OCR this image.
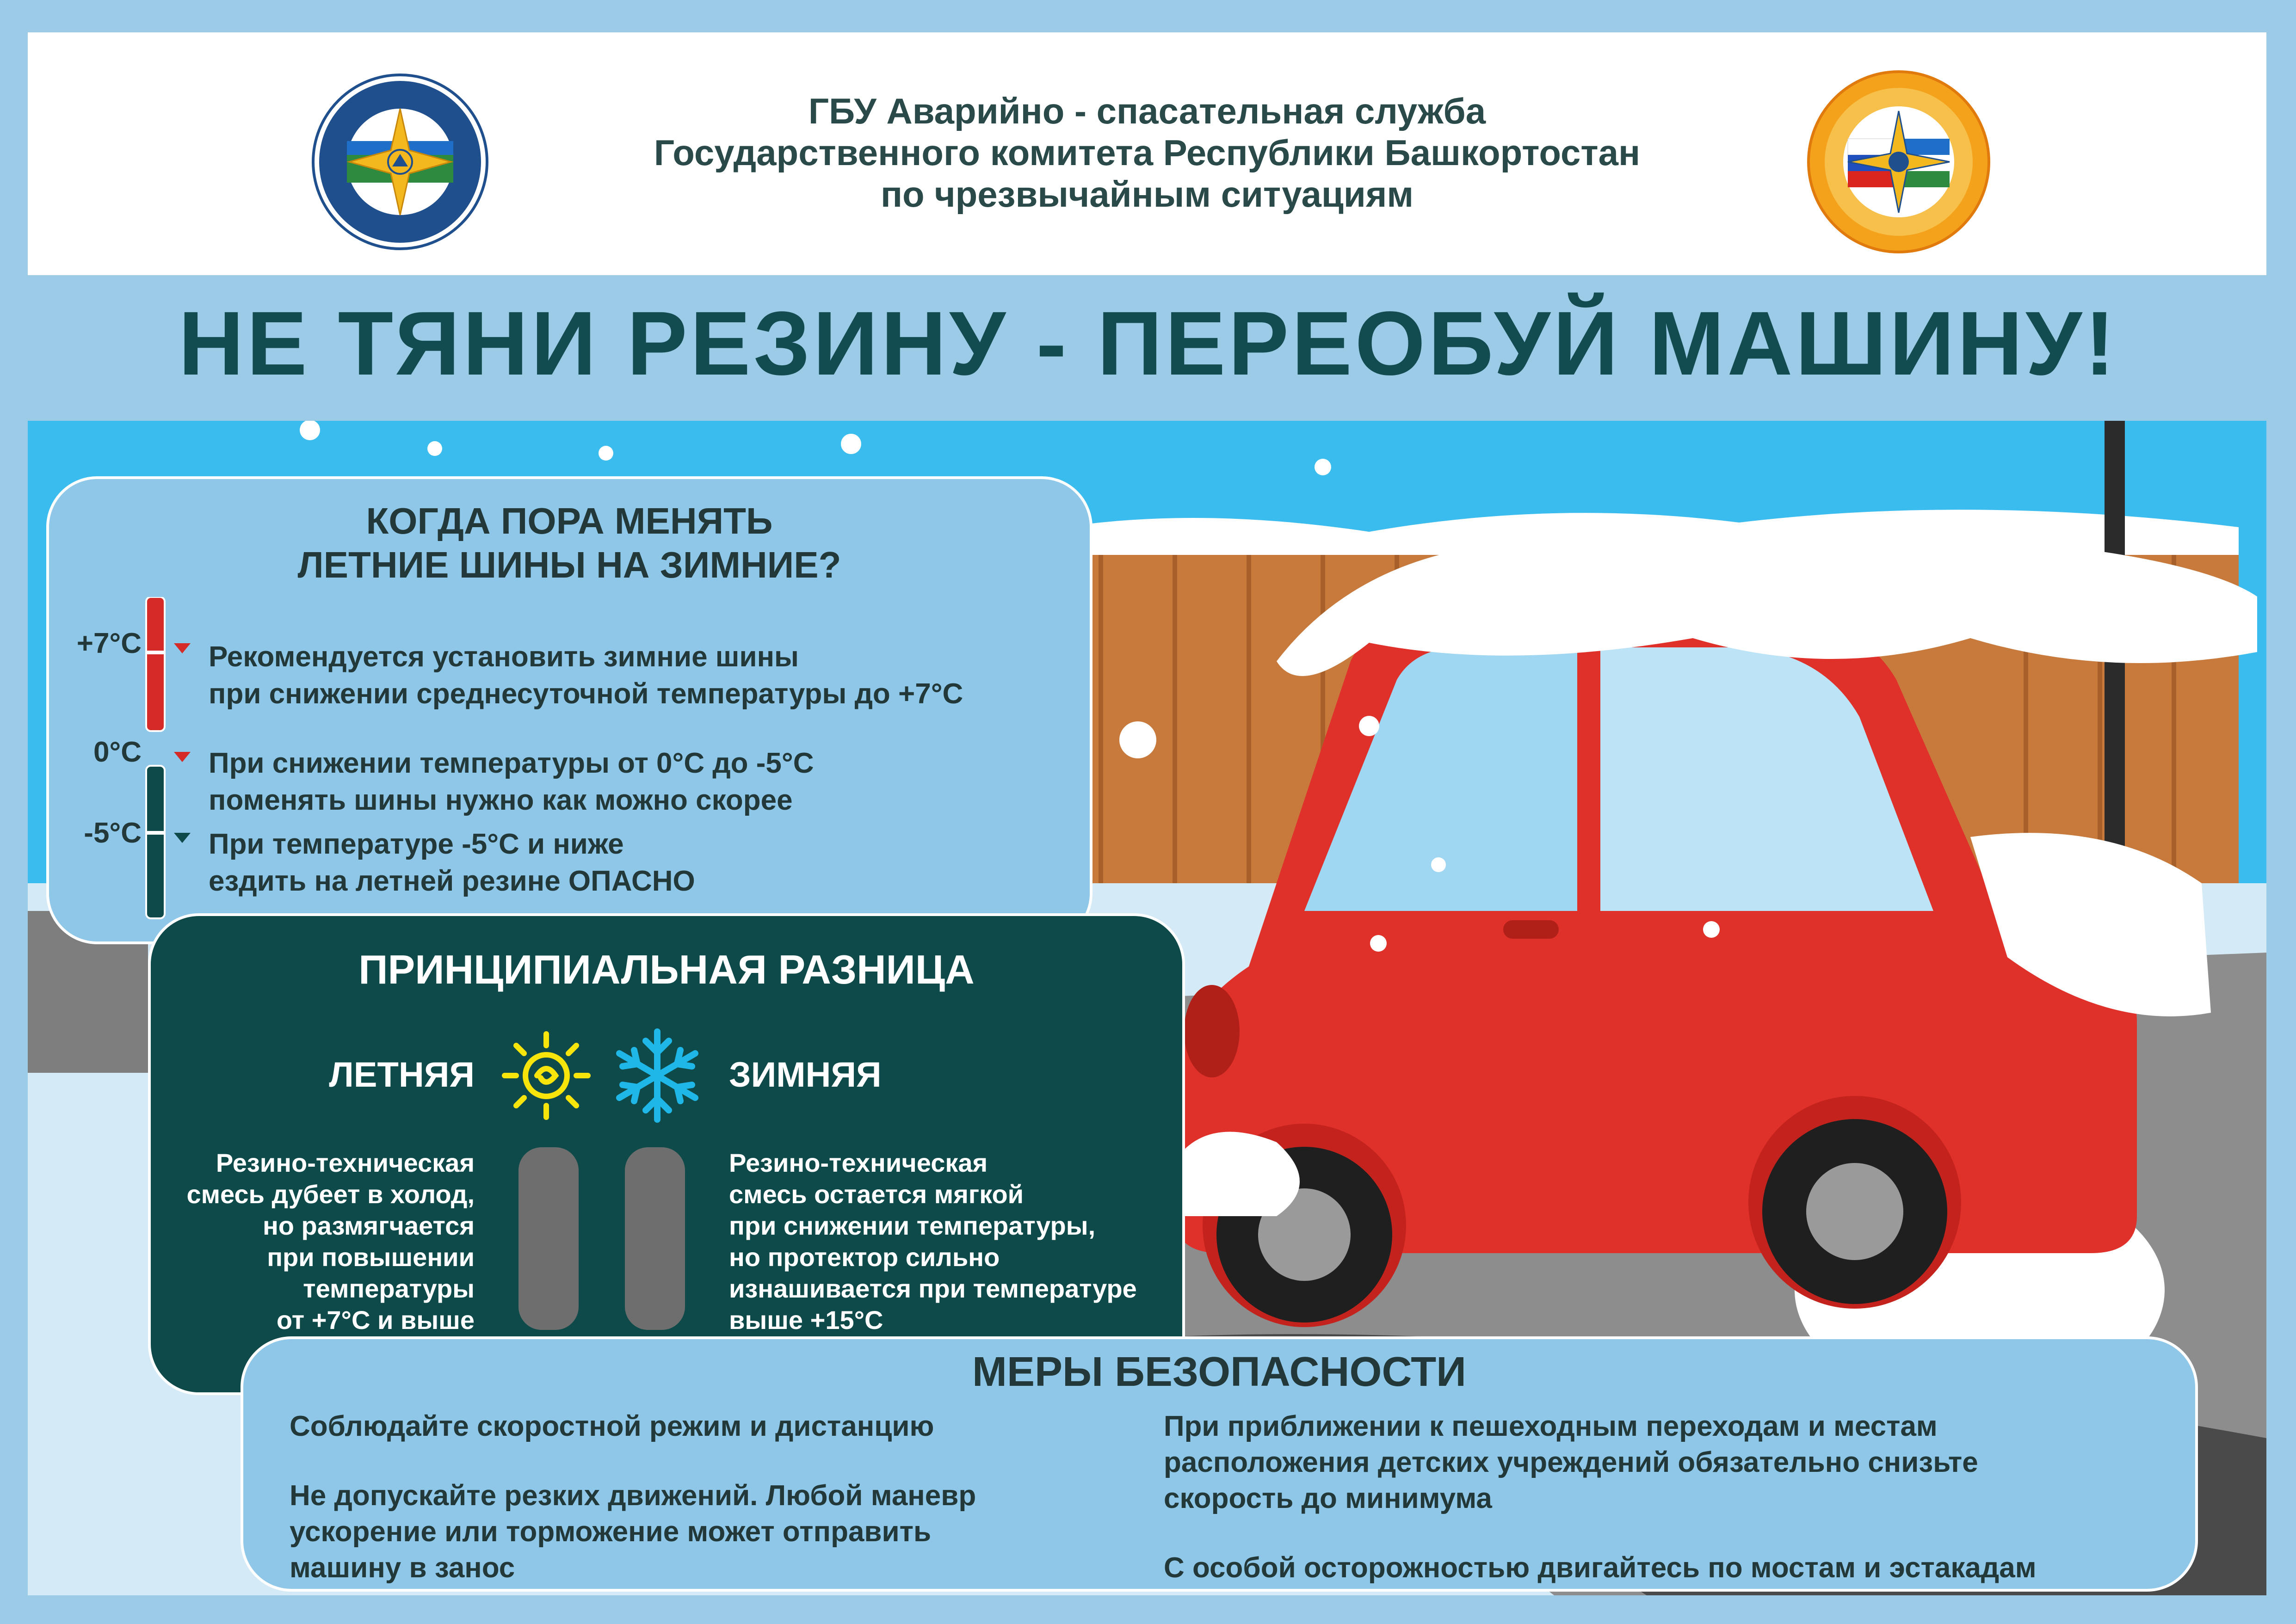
ГБУ Аварийно - спасательная служба
Государственного комитета Республики Башкортостан
по чрезвычайным ситуациям
НЕ ТЯНИ РЕЗИНУ - ПЕРЕОБУЙ МАШИНУ!
КОГДА ПОРА МЕНЯТЬ
ЛЕТНИЕ ШИНЫ НА ЗИМНИЕ?
+7°C
0°C
-5°C
Рекомендуется установить зимние шины
при снижении среднесуточной температуры до +7°C
При снижении температуры от 0°C до -5°C
поменять шины нужно как можно скорее
При температуре -5°C и ниже
ездить на летней резине ОПАСНО
ПРИНЦИПИАЛЬНАЯ РАЗНИЦА
ЛЕТНЯЯ	ЗИМНЯЯ
Резино-техническая
смесь дубеет в холод,
но размягчается
при повышении
температуры
от +7°C и выше
Резино-техническая
смесь остается мягкой
при снижении температуры,
но протектор сильно
изнашивается при температуре
выше +15°C
МЕРЫ БЕЗОПАСНОСТИ
Соблюдайте скоростной режим и дистанцию
Не допускайте резких движений. Любой маневр
ускорение или торможение может отправить
машину в занос
При приближении к пешеходным переходам и местам
расположения детских учреждений обязательно снизьте
скорость до минимума
С особой осторожностью двигайтесь по мостам и эстакадам
